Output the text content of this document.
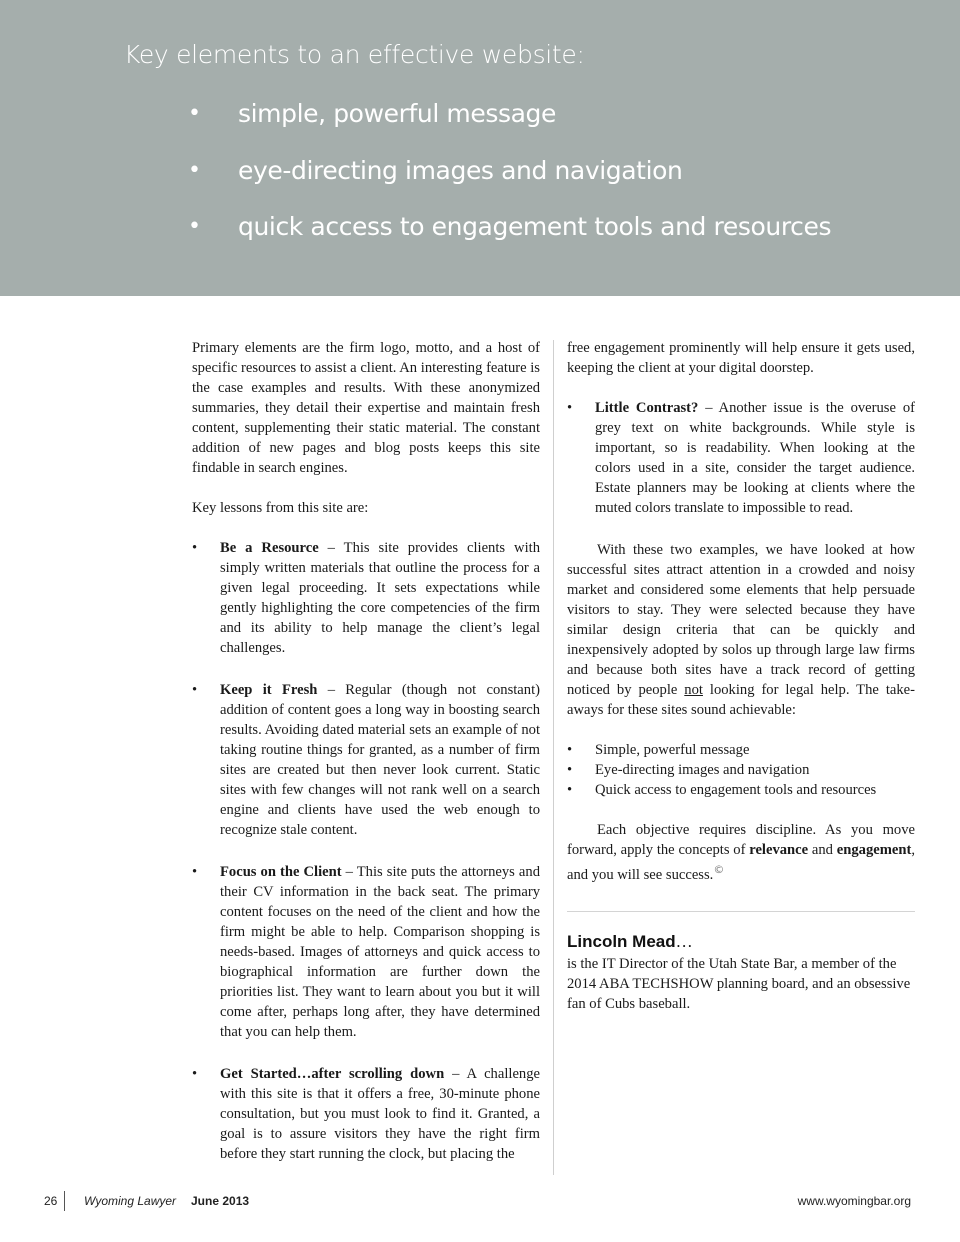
Key elements to an effective website:
• simple, powerful message
• eye-directing images and navigation
• quick access to engagement tools and resources

Primary elements are the firm logo, motto, and a host of specific resources to assist a client. An interesting feature is the case examples and results. With these anonymized summaries, they detail their expertise and maintain fresh content, supplementing their static material. The constant addition of new pages and blog posts keeps this site findable in search engines.

Key lessons from this site are:

• Be a Resource – This site provides clients with simply written materials that outline the process for a given legal proceeding. It sets expectations while gently highlighting the core competencies of the firm and its ability to help manage the client’s legal challenges.
• Keep it Fresh – Regular (though not constant) addition of content goes a long way in boosting search results. Avoiding dated material sets an example of not taking routine things for granted, as a number of firm sites are created but then never look current. Static sites with few changes will not rank well on a search engine and clients have used the web enough to recognize stale content.
• Focus on the Client – This site puts the attorneys and their CV information in the back seat. The primary content focuses on the need of the client and how the firm might be able to help. Comparison shopping is needs-based. Images of attorneys and quick access to biographical information are further down the priorities list. They want to learn about you but it will come after, perhaps long after, they have determined that you can help them.
• Get Started…after scrolling down – A challenge with this site is that it offers a free, 30-minute phone consultation, but you must look to find it. Granted, a goal is to assure visitors they have the right firm before they start running the clock, but placing the

free engagement prominently will help ensure it gets used, keeping the client at your digital doorstep.

• Little Contrast? – Another issue is the overuse of grey text on white backgrounds. While style is important, so is readability. When looking at the colors used in a site, consider the target audience. Estate planners may be looking at clients where the muted colors translate to impossible to read.

With these two examples, we have looked at how successful sites attract attention in a crowded and noisy market and considered some elements that help persuade visitors to stay. They were selected because they have similar design criteria that can be quickly and inexpensively adopted by solos up through large law firms and because both sites have a track record of getting noticed by people not looking for legal help. The take-aways for these sites sound achievable:

• Simple, powerful message
• Eye-directing images and navigation
• Quick access to engagement tools and resources

Each objective requires discipline. As you move forward, apply the concepts of relevance and engagement, and you will see success.©

Lincoln Mead…

is the IT Director of the Utah State Bar, a member of the 2014 ABA TECHSHOW planning board, and an obsessive fan of Cubs baseball.

26 Wyoming Lawyer June 2013	www.wyomingbar.org
